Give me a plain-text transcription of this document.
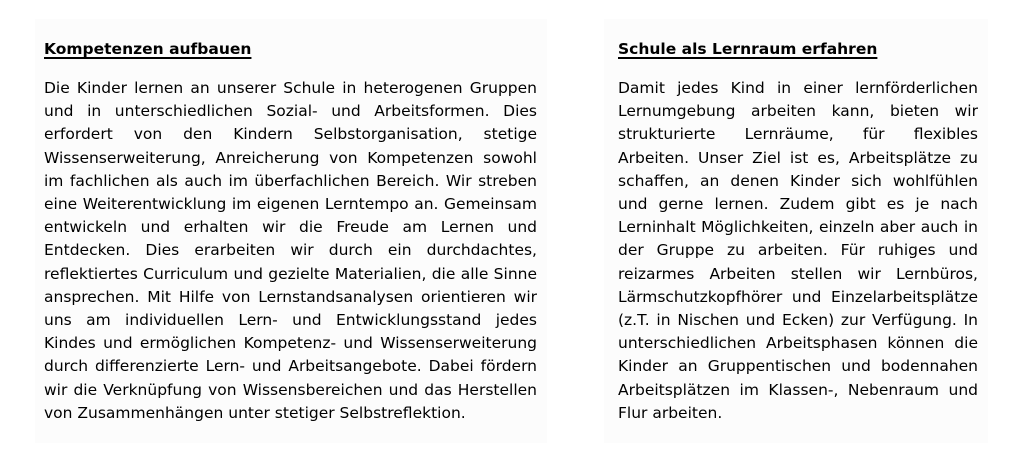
Kompetenzen aufbauen

Die Kinder lernen an unserer Schule in heterogenen Gruppen und in unterschiedlichen Sozial- und Arbeitsformen. Dies erfordert von den Kindern Selbstorganisation, stetige Wissenserweiterung, Anreicherung von Kompetenzen sowohl im fachlichen als auch im überfachlichen Bereich. Wir streben eine Weiterentwicklung im eigenen Lerntempo an. Gemeinsam entwickeln und erhalten wir die Freude am Lernen und Entdecken. Dies erarbeiten wir durch ein durchdachtes, reflektiertes Curriculum und gezielte Materialien, die alle Sinne ansprechen. Mit Hilfe von Lernstandsanalysen orientieren wir uns am individuellen Lern- und Entwicklungsstand jedes Kindes und ermöglichen Kompetenz- und Wissenserweiterung durch differenzierte Lern- und Arbeitsangebote. Dabei fördern wir die Verknüpfung von Wissensbereichen und das Herstellen von Zusammenhängen unter stetiger Selbstreflektion.

Schule als Lernraum erfahren

Damit jedes Kind in einer lernförderlichen Lernumgebung arbeiten kann, bieten wir strukturierte Lernräume, für flexibles Arbeiten. Unser Ziel ist es, Arbeitsplätze zu schaffen, an denen Kinder sich wohlfühlen und gerne lernen. Zudem gibt es je nach Lerninhalt Möglichkeiten, einzeln aber auch in der Gruppe zu arbeiten. Für ruhiges und reizarmes Arbeiten stellen wir Lernbüros, Lärmschutzkopfhörer und Einzelarbeitsplätze (z.T. in Nischen und Ecken) zur Verfügung. In unterschiedlichen Arbeitsphasen können die Kinder an Gruppentischen und bodennahen Arbeitsplätzen im Klassen-, Nebenraum und Flur arbeiten.
